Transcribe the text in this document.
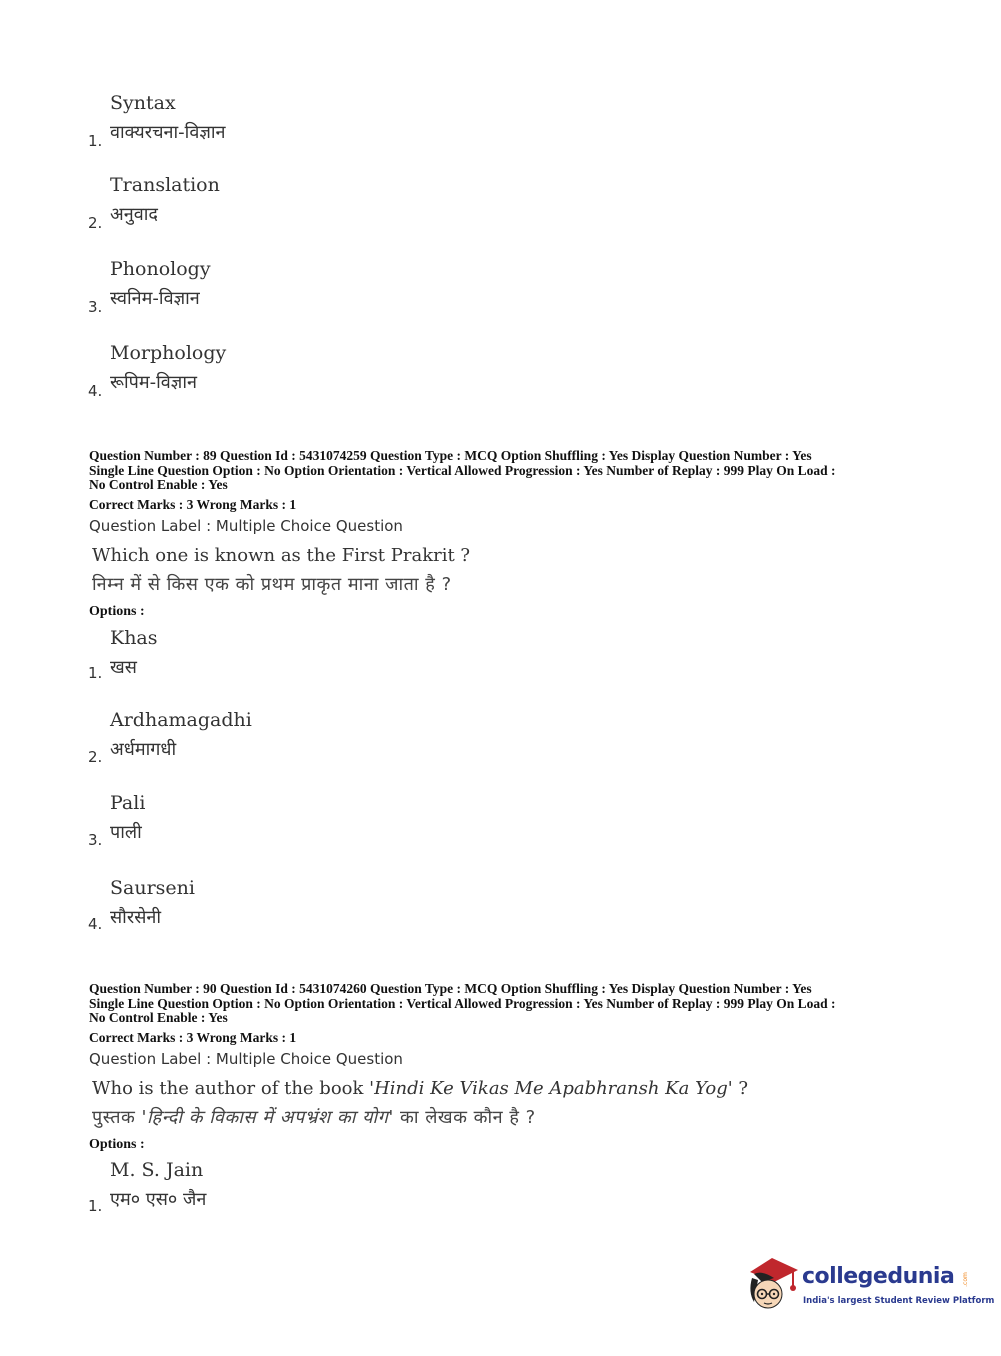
Syntax
वाक्यरचना-विज्ञान
1.
Translation
अनुवाद
2.
Phonology
स्वनिम-विज्ञान
3.
Morphology
रूपिम-विज्ञान
4.
Question Number : 89 Question Id : 5431074259 Question Type : MCQ Option Shuffling : Yes Display Question Number : Yes
Single Line Question Option : No Option Orientation : Vertical Allowed Progression : Yes Number of Replay : 999 Play On Load :
No Control Enable : Yes
Correct Marks : 3 Wrong Marks : 1
Question Label : Multiple Choice Question
Which one is known as the First Prakrit ?
निम्न में से किस एक को प्रथम प्राकृत माना जाता है ?
Options :
Khas
खस
1.
Ardhamagadhi
अर्धमागधी
2.
Pali
पाली
3.
Saurseni
सौरसेनी
4.
Question Number : 90 Question Id : 5431074260 Question Type : MCQ Option Shuffling : Yes Display Question Number : Yes
Single Line Question Option : No Option Orientation : Vertical Allowed Progression : Yes Number of Replay : 999 Play On Load :
No Control Enable : Yes
Correct Marks : 3 Wrong Marks : 1
Question Label : Multiple Choice Question
Who is the author of the book 'Hindi Ke Vikas Me Apabhransh Ka Yog' ?
पुस्तक 'हिन्दी के विकास में अपभ्रंश का योग' का लेखक कौन है ?
Options :
M. S. Jain
एम० एस० जैन
1.
collegedunia .com
India's largest Student Review Platform
